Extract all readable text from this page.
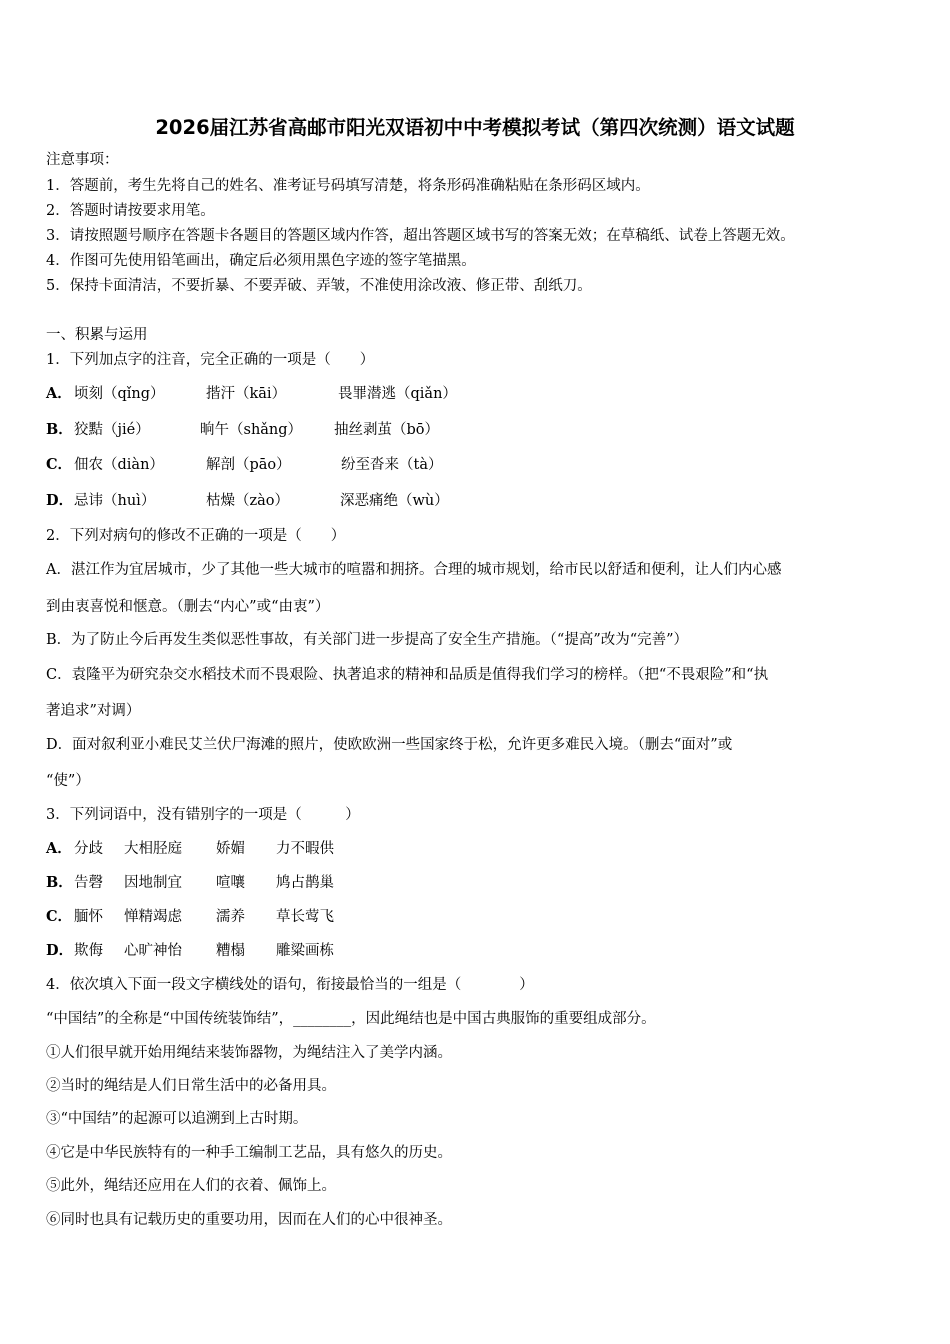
2026届江苏省高邮市阳光双语初中中考模拟考试（第四次统测）语文试题
注意事项：
1．答题前，考生先将自己的姓名、准考证号码填写清楚，将条形码准确粘贴在条形码区域内。
2．答题时请按要求用笔。
3．请按照题号顺序在答题卡各题目的答题区域内作答，超出答题区域书写的答案无效；在草稿纸、试卷上答题无效。
4．作图可先使用铅笔画出，确定后必须用黑色字迹的签字笔描黑。
5．保持卡面清洁，不要折暴、不要弄破、弄皱，不准使用涂改液、修正带、刮纸刀。
一、积累与运用
1．下列加点字的注音，完全正确的一项是（　　）
A． 顷刻（qǐng）	揩汗（kāi）	畏罪潜逃（qiǎn）
B． 狡黠（jié）	晌午（shǎng） 抽丝剥茧（bō）
C． 佃农（diàn）	解剖（pāo）	纷至沓来（tà）
D． 忌讳（huì）	枯燥（zào）	深恶痛绝（wù）
2．下列对病句的修改不正确的一项是（　　）
A．湛江作为宜居城市，少了其他一些大城市的喧嚣和拥挤。合理的城市规划，给市民以舒适和便利，让人们内心感
到由衷喜悦和惬意。（删去“内心”或“由衷”）
B．为了防止今后再发生类似恶性事故，有关部门进一步提高了安全生产措施。（“提高”改为“完善”）
C．袁隆平为研究杂交水稻技术而不畏艰险、执著追求的精神和品质是值得我们学习的榜样。（把“不畏艰险”和“执
著追求”对调）
D．面对叙利亚小难民艾兰伏尸海滩的照片，使欧欧洲一些国家终于松，允许更多难民入境。（删去“面对”或
“使”）
3．下列词语中，没有错别字的一项是（　　　）
A． 分歧 大相胫庭 娇媚 力不暇供
B． 告磬 因地制宜 喧嚷 鸠占鹊巢
C． 腼怀 惮精竭虑 濡养 草长莺飞
D． 欺侮 心旷神怡 糟榻 雕粱画栋
4．依次填入下面一段文字横线处的语句，衔接最恰当的一组是（　　　　）
“中国结”的全称是“中国传统装饰结”，________，因此绳结也是中国古典服饰的重要组成部分。
①人们很早就开始用绳结来装饰器物，为绳结注入了美学内涵。
②当时的绳结是人们日常生活中的必备用具。
③“中国结”的起源可以追溯到上古时期。
④它是中华民族特有的一种手工编制工艺品，具有悠久的历史。
⑤此外，绳结还应用在人们的衣着、佩饰上。
⑥同时也具有记载历史的重要功用，因而在人们的心中很神圣。
